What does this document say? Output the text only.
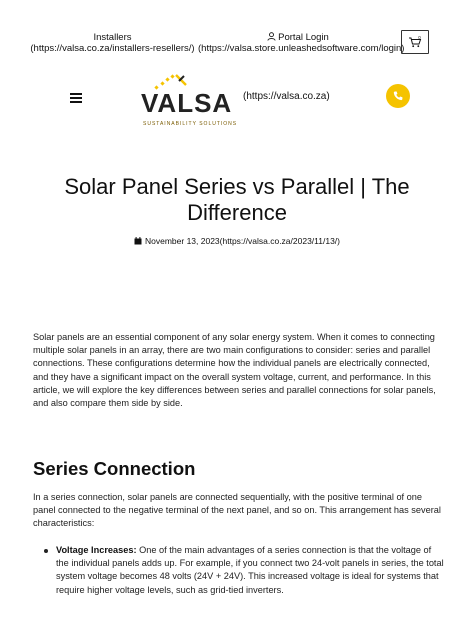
Installers
(https://valsa.co.za/installers-resellers/)
Portal Login
(https://valsa.store.unleashedsoftware.com/login)
0
VALSA
SUSTAINABILITY SOLUTIONS
(https://valsa.co.za)
Solar Panel Series vs Parallel | The Difference
November 13, 2023(https://valsa.co.za/2023/11/13/)

Solar panels are an essential component of any solar energy system. When it comes to connecting multiple solar panels in an array, there are two main configurations to consider: series and parallel connections. These configurations determine how the individual panels are electrically connected, and they have a significant impact on the overall system voltage, current, and performance. In this article, we will explore the key differences between series and parallel connections for solar panels, and also compare them side by side.

Series Connection

In a series connection, solar panels are connected sequentially, with the positive terminal of one panel connected to the negative terminal of the next panel, and so on. This arrangement has several characteristics:

Voltage Increases: One of the main advantages of a series connection is that the voltage of the individual panels adds up. For example, if you connect two 24-volt panels in series, the total system voltage becomes 48 volts (24V + 24V). This increased voltage is ideal for systems that require higher voltage levels, such as grid-tied inverters.
